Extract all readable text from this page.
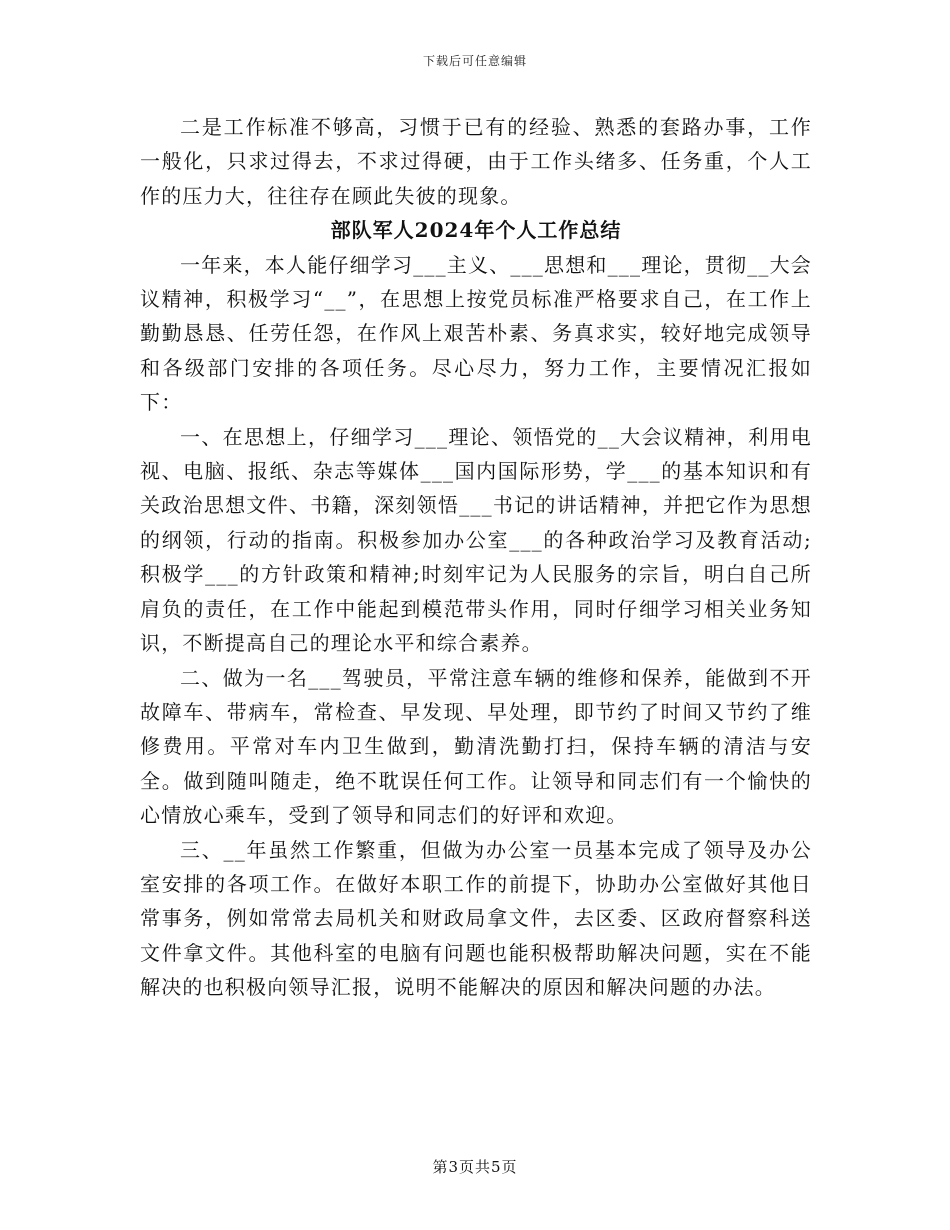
下载后可任意编辑

二是工作标准不够高，习惯于已有的经验、熟悉的套路办事，工作一般化，只求过得去，不求过得硬，由于工作头绪多、任务重，个人工作的压力大，往往存在顾此失彼的现象。

部队军人2024年个人工作总结

一年来，本人能仔细学习___主义、___思想和___理论，贯彻__大会议精神，积极学习“__”，在思想上按党员标准严格要求自己，在工作上勤勤恳恳、任劳任怨，在作风上艰苦朴素、务真求实，较好地完成领导和各级部门安排的各项任务。尽心尽力，努力工作，主要情况汇报如下：

一、在思想上，仔细学习___理论、领悟党的__大会议精神，利用电视、电脑、报纸、杂志等媒体___国内国际形势，学___的基本知识和有关政治思想文件、书籍，深刻领悟___书记的讲话精神，并把它作为思想的纲领，行动的指南。积极参加办公室___的各种政治学习及教育活动;积极学___的方针政策和精神;时刻牢记为人民服务的宗旨，明白自己所肩负的责任，在工作中能起到模范带头作用，同时仔细学习相关业务知识，不断提高自己的理论水平和综合素养。

二、做为一名___驾驶员，平常注意车辆的维修和保养，能做到不开故障车、带病车，常检查、早发现、早处理，即节约了时间又节约了维修费用。平常对车内卫生做到，勤清洗勤打扫，保持车辆的清洁与安全。做到随叫随走，绝不耽误任何工作。让领导和同志们有一个愉快的心情放心乘车，受到了领导和同志们的好评和欢迎。

三、__年虽然工作繁重，但做为办公室一员基本完成了领导及办公室安排的各项工作。在做好本职工作的前提下，协助办公室做好其他日常事务，例如常常去局机关和财政局拿文件，去区委、区政府督察科送文件拿文件。其他科室的电脑有问题也能积极帮助解决问题，实在不能解决的也积极向领导汇报，说明不能解决的原因和解决问题的办法。

第3页共5页
